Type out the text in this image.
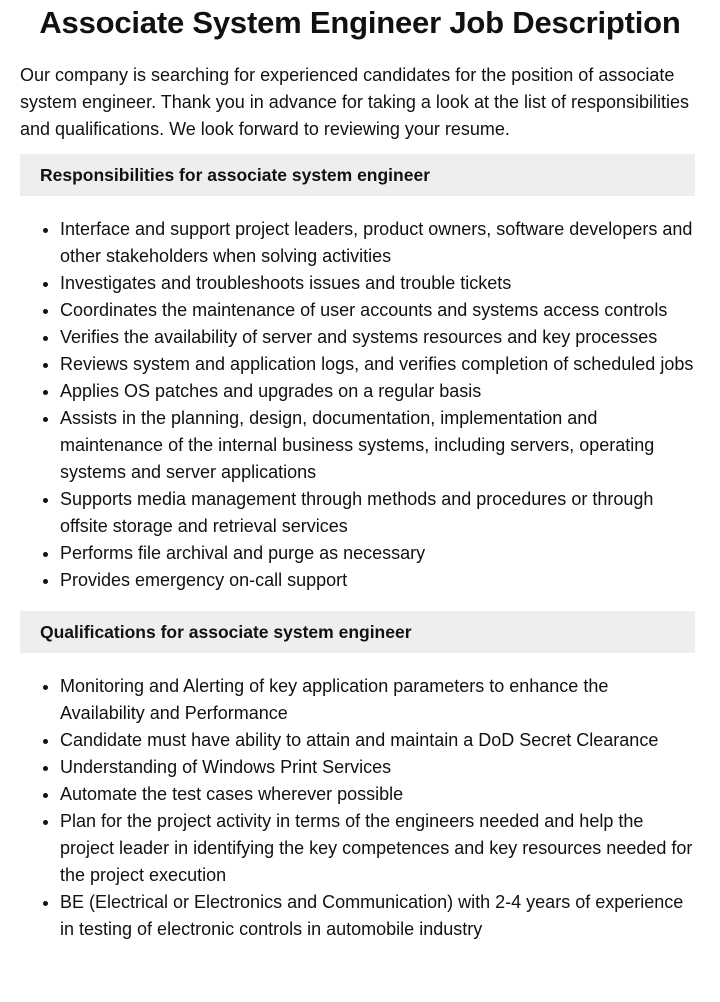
Associate System Engineer Job Description

Our company is searching for experienced candidates for the position of associate system engineer. Thank you in advance for taking a look at the list of responsibilities and qualifications. We look forward to reviewing your resume.

Responsibilities for associate system engineer
• Interface and support project leaders, product owners, software developers and other stakeholders when solving activities
• Investigates and troubleshoots issues and trouble tickets
• Coordinates the maintenance of user accounts and systems access controls
• Verifies the availability of server and systems resources and key processes
• Reviews system and application logs, and verifies completion of scheduled jobs
• Applies OS patches and upgrades on a regular basis
• Assists in the planning, design, documentation, implementation and maintenance of the internal business systems, including servers, operating systems and server applications
• Supports media management through methods and procedures or through offsite storage and retrieval services
• Performs file archival and purge as necessary
• Provides emergency on-call support
Qualifications for associate system engineer
• Monitoring and Alerting of key application parameters to enhance the Availability and Performance
• Candidate must have ability to attain and maintain a DoD Secret Clearance
• Understanding of Windows Print Services
• Automate the test cases wherever possible
• Plan for the project activity in terms of the engineers needed and help the project leader in identifying the key competences and key resources needed for the project execution
• BE (Electrical or Electronics and Communication) with 2-4 years of experience in testing of electronic controls in automobile industry
